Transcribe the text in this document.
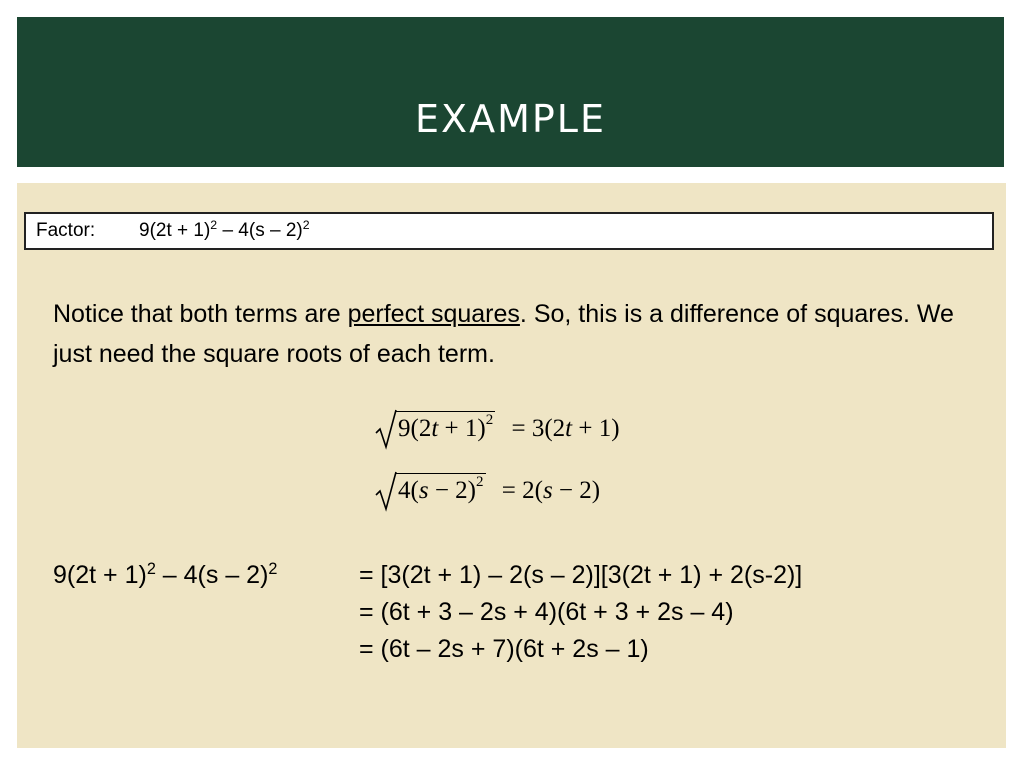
EXAMPLE
Factor: $9(2t + 1)^2 - 4(s - 2)^2$
Notice that both terms are perfect squares. So, this is a difference of squares. We just need the square roots of each term.
$9(2t + 1)^2 = 3(2t + 1)$
$4(s - 2)^2 = 2(s - 2)$
$9(2t + 1)^2 - 4(s - 2)^2$	= [3(2t + 1) – 2(s – 2)][3(2t + 1) + 2(s-2)]
= (6t + 3 – 2s + 4)(6t + 3 + 2s – 4)
= (6t – 2s + 7)(6t + 2s – 1)
